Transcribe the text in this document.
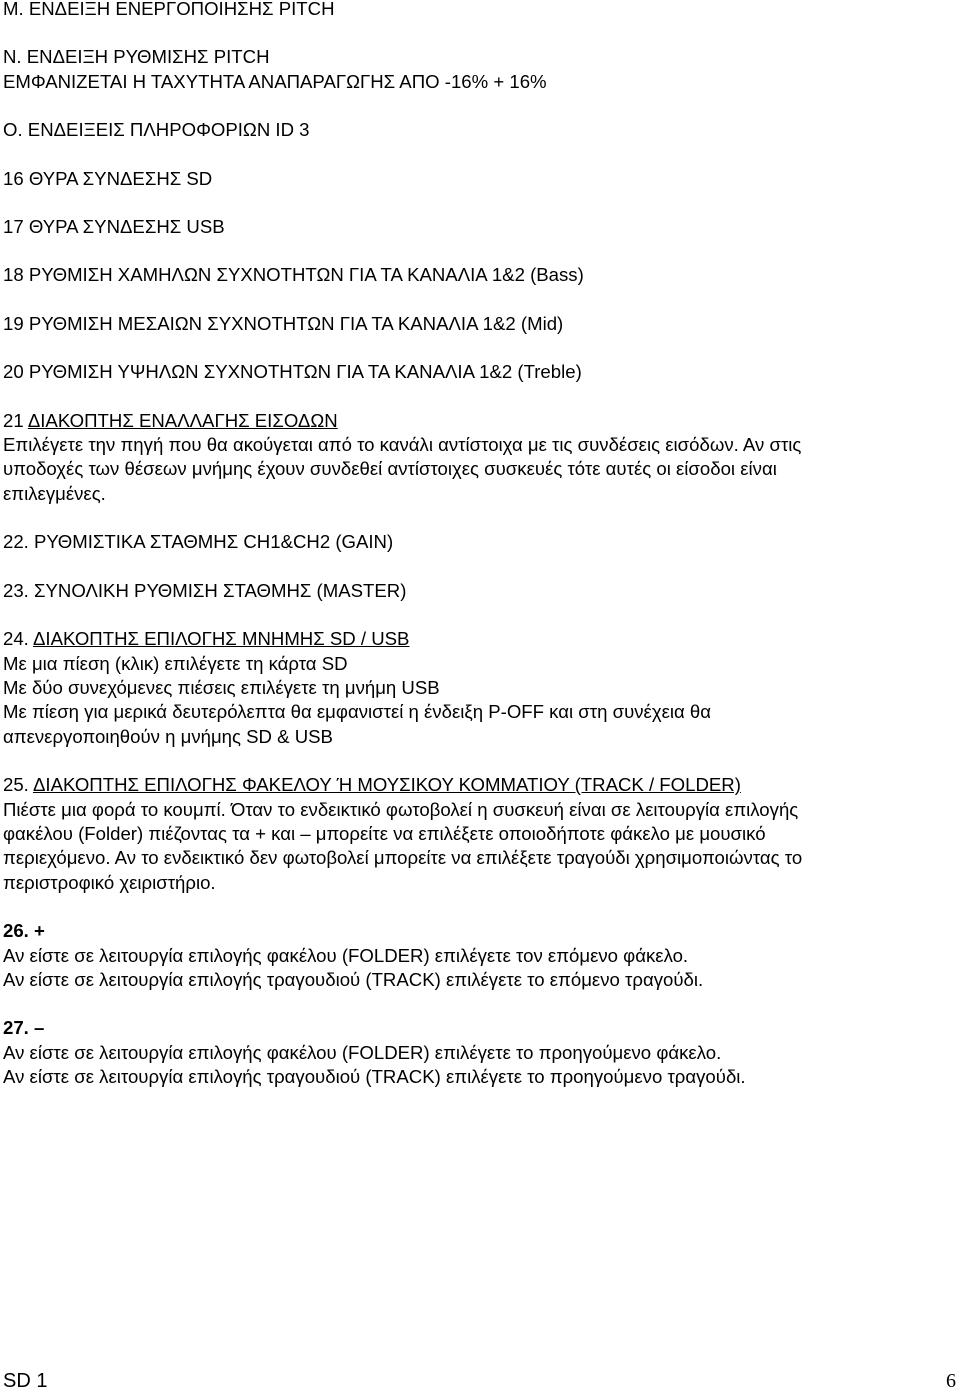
M. ΕΝΔΕΙΞΗ ΕΝΕΡΓΟΠΟΙΗΣΗΣ PITCH

Ν. ΕΝΔΕΙΞΗ ΡΥΘΜΙΣΗΣ PITCH

ΕΜΦΑΝΙΖΕΤΑΙ Η ΤΑΧΥΤΗΤΑ ΑΝΑΠΑΡΑΓΩΓΗΣ ΑΠΟ -16% + 16%

Ο. ΕΝΔΕΙΞΕΙΣ ΠΛΗΡΟΦΟΡΙΩΝ ID 3

16 ΘΥΡΑ ΣΥΝΔΕΣΗΣ SD

17 ΘΥΡΑ ΣΥΝΔΕΣΗΣ USB

18 ΡΥΘΜΙΣΗ ΧΑΜΗΛΩΝ ΣΥΧΝΟΤΗΤΩΝ ΓΙΑ ΤΑ ΚΑΝΑΛΙΑ 1&2 (Bass)

19 ΡΥΘΜΙΣΗ ΜΕΣΑΙΩΝ ΣΥΧΝΟΤΗΤΩΝ ΓΙΑ ΤΑ ΚΑΝΑΛΙΑ 1&2 (Mid)

20 ΡΥΘΜΙΣΗ ΥΨΗΛΩΝ ΣΥΧΝΟΤΗΤΩΝ ΓΙΑ ΤΑ ΚΑΝΑΛΙΑ 1&2 (Treble)

21 ΔΙΑΚΟΠΤΗΣ ΕΝΑΛΛΑΓΗΣ ΕΙΣΟΔΩΝ

Επιλέγετε την πηγή που θα ακούγεται από το κανάλι αντίστοιχα με τις συνδέσεις εισόδων. Αν στις

υποδοχές των θέσεων μνήμης έχουν συνδεθεί αντίστοιχες συσκευές τότε αυτές οι είσοδοι είναι

επιλεγμένες.

22. ΡΥΘΜΙΣΤΙΚΑ ΣΤΑΘΜΗΣ CH1&CH2 (GAIN)

23. ΣΥΝΟΛΙΚΗ ΡΥΘΜΙΣΗ ΣΤΑΘΜΗΣ (MASTER)

24. ΔΙΑΚΟΠΤΗΣ ΕΠΙΛΟΓΗΣ ΜΝΗΜΗΣ SD / USB

Με μια πίεση (κλικ) επιλέγετε τη κάρτα SD

Με δύο συνεχόμενες πιέσεις επιλέγετε τη μνήμη USB

Με πίεση για μερικά δευτερόλεπτα θα εμφανιστεί η ένδειξη P-OFF και στη συνέχεια θα

απενεργοποιηθούν η μνήμης SD & USB

25. ΔΙΑΚΟΠΤΗΣ ΕΠΙΛΟΓΗΣ ΦΑΚΕΛΟΥ Ή ΜΟΥΣΙΚΟΥ ΚΟΜΜΑΤΙΟΥ (TRACK / FOLDER)

Πιέστε μια φορά το κουμπί. Όταν το ενδεικτικό φωτοβολεί η συσκευή είναι σε λειτουργία επιλογής

φακέλου (Folder) πιέζοντας τα + και – μπορείτε να επιλέξετε οποιοδήποτε φάκελο με μουσικό

περιεχόμενο. Αν το ενδεικτικό δεν φωτοβολεί μπορείτε να επιλέξετε τραγούδι χρησιμοποιώντας το

περιστροφικό χειριστήριο.

26. +

Αν είστε σε λειτουργία επιλογής φακέλου (FOLDER) επιλέγετε τον επόμενο φάκελο.

Αν είστε σε λειτουργία επιλογής τραγουδιού (TRACK) επιλέγετε το επόμενο τραγούδι.

27. –

Αν είστε σε λειτουργία επιλογής φακέλου (FOLDER) επιλέγετε το προηγούμενο φάκελο.

Αν είστε σε λειτουργία επιλογής τραγουδιού (TRACK) επιλέγετε το προηγούμενο τραγούδι.

SD 1	6
